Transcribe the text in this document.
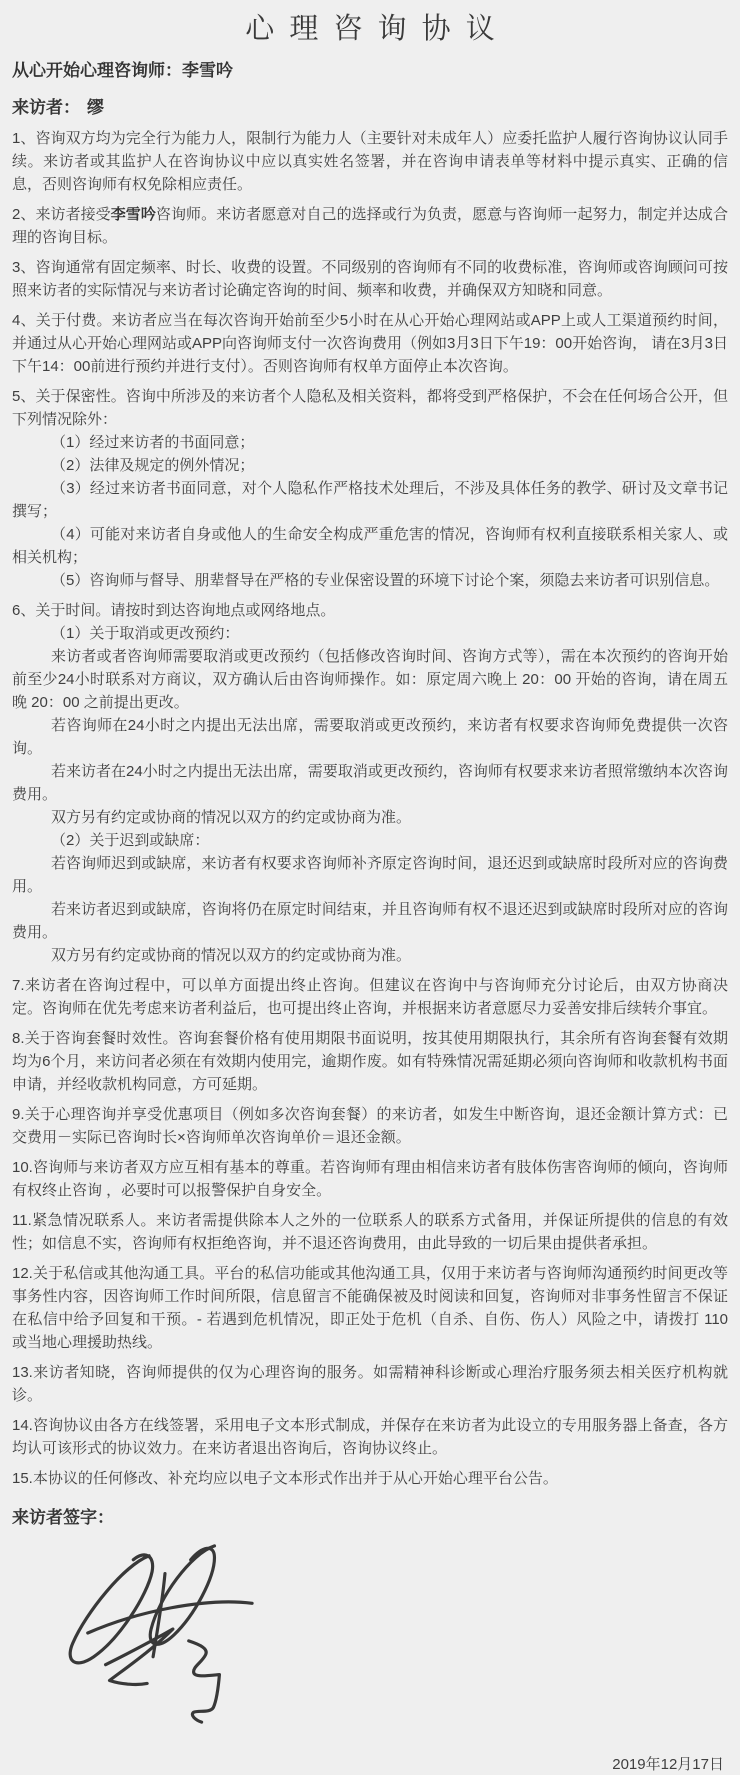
心理咨询协议
从心开始心理咨询师：李雪吟
来访者： 缪

1、咨询双方均为完全行为能力人，限制行为能力人（主要针对未成年人）应委托监护人履行咨询协议认同手续。来访者或其监护人在咨询协议中应以真实姓名签署，并在咨询申请表单等材料中提示真实、正确的信息，否则咨询师有权免除相应责任。

2、来访者接受李雪吟咨询师。来访者愿意对自己的选择或行为负责，愿意与咨询师一起努力，制定并达成合理的咨询目标。

3、咨询通常有固定频率、时长、收费的设置。不同级别的咨询师有不同的收费标准，咨询师或咨询顾问可按照来访者的实际情况与来访者讨论确定咨询的时间、频率和收费，并确保双方知晓和同意。

4、关于付费。来访者应当在每次咨询开始前至少5小时在从心开始心理网站或APP上或人工渠道预约时间，并通过从心开始心理网站或APP向咨询师支付一次咨询费用（例如3月3日下午19：00开始咨询， 请在3月3日下午14：00前进行预约并进行支付）。否则咨询师有权单方面停止本次咨询。

5、关于保密性。咨询中所涉及的来访者个人隐私及相关资料，都将受到严格保护，不会在任何场合公开，但下列情况除外：

（1）经过来访者的书面同意；

（2）法律及规定的例外情况；

（3）经过来访者书面同意，对个人隐私作严格技术处理后，不涉及具体任务的教学、研讨及文章书记撰写；

（4）可能对来访者自身或他人的生命安全构成严重危害的情况，咨询师有权利直接联系相关家人、或相关机构；

（5）咨询师与督导、朋辈督导在严格的专业保密设置的环境下讨论个案，须隐去来访者可识别信息。

6、关于时间。请按时到达咨询地点或网络地点。

（1）关于取消或更改预约：

来访者或者咨询师需要取消或更改预约（包括修改咨询时间、咨询方式等），需在本次预约的咨询开始前至少24小时联系对方商议，双方确认后由咨询师操作。如：原定周六晚上 20：00 开始的咨询，请在周五晚 20：00 之前提出更改。

若咨询师在24小时之内提出无法出席，需要取消或更改预约，来访者有权要求咨询师免费提供一次咨询。

若来访者在24小时之内提出无法出席，需要取消或更改预约，咨询师有权要求来访者照常缴纳本次咨询费用。

双方另有约定或协商的情况以双方的约定或协商为准。

（2）关于迟到或缺席：

若咨询师迟到或缺席，来访者有权要求咨询师补齐原定咨询时间，退还迟到或缺席时段所对应的咨询费用。

若来访者迟到或缺席，咨询将仍在原定时间结束，并且咨询师有权不退还迟到或缺席时段所对应的咨询费用。

双方另有约定或协商的情况以双方的约定或协商为准。

7.来访者在咨询过程中，可以单方面提出终止咨询。但建议在咨询中与咨询师充分讨论后，由双方协商决定。咨询师在优先考虑来访者利益后，也可提出终止咨询，并根据来访者意愿尽力妥善安排后续转介事宜。

8.关于咨询套餐时效性。咨询套餐价格有使用期限书面说明，按其使用期限执行，其余所有咨询套餐有效期均为6个月，来访问者必须在有效期内使用完，逾期作废。如有特殊情况需延期必须向咨询师和收款机构书面申请，并经收款机构同意，方可延期。

9.关于心理咨询并享受优惠项目（例如多次咨询套餐）的来访者，如发生中断咨询，退还金额计算方式：已交费用－实际已咨询时长×咨询师单次咨询单价＝退还金额。

10.咨询师与来访者双方应互相有基本的尊重。若咨询师有理由相信来访者有肢体伤害咨询师的倾向，咨询师有权终止咨询 ，必要时可以报警保护自身安全。

11.紧急情况联系人。来访者需提供除本人之外的一位联系人的联系方式备用，并保证所提供的信息的有效性；如信息不实，咨询师有权拒绝咨询，并不退还咨询费用，由此导致的一切后果由提供者承担。

12.关于私信或其他沟通工具。平台的私信功能或其他沟通工具，仅用于来访者与咨询师沟通预约时间更改等事务性内容，因咨询师工作时间所限，信息留言不能确保被及时阅读和回复，咨询师对非事务性留言不保证在私信中给予回复和干预。- 若遇到危机情况，即正处于危机（自杀、自伤、伤人）风险之中，请拨打 110 或当地心理援助热线。

13.来访者知晓，咨询师提供的仅为心理咨询的服务。如需精神科诊断或心理治疗服务须去相关医疗机构就诊。

14.咨询协议由各方在线签署，采用电子文本形式制成，并保存在来访者为此设立的专用服务器上备查，各方均认可该形式的协议效力。在来访者退出咨询后，咨询协议终止。

15.本协议的任何修改、补充均应以电子文本形式作出并于从心开始心理平台公告。

来访者签字：
2019年12月17日
